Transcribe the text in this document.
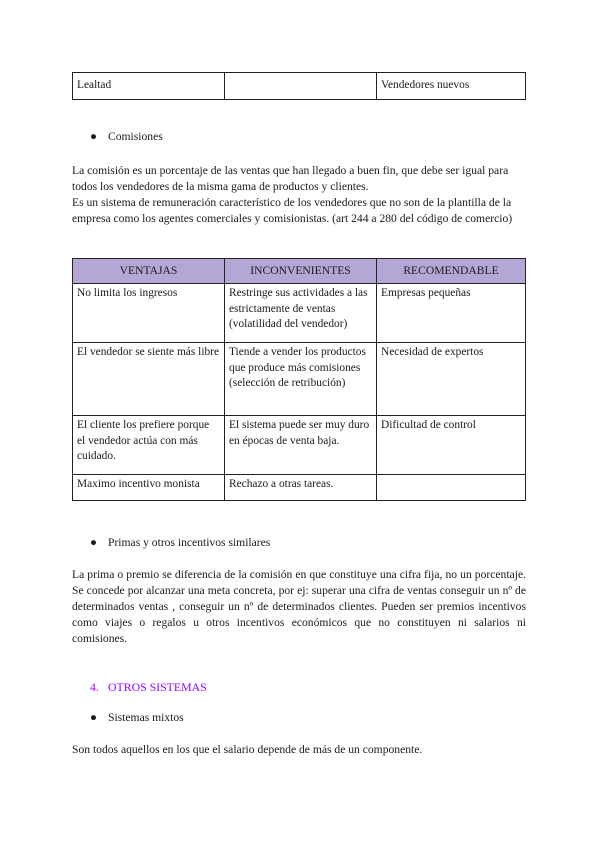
Lealtad		Vendedores nuevos
● Comisiones

La comisión es un porcentaje de las ventas que han llegado a buen fin, que debe ser igual para todos los vendedores de la misma gama de productos y clientes.

Es un sistema de remuneración característico de los vendedores que no son de la plantilla de la empresa como los agentes comerciales y comisionistas. (art 244 a 280 del código de comercio)

VENTAJAS	INCONVENIENTES	RECOMENDABLE
No limita los ingresos	Restringe sus actividades a las estrictamente de ventas (volatilidad del vendedor)	Empresas pequeñas
El vendedor se siente más libre	Tiende a vender los productos que produce más comisiones (selección de retribución)	Necesidad de expertos
El cliente los prefiere porque el vendedor actúa con más cuidado.	El sistema puede ser muy duro en épocas de venta baja.	Dificultad de control
Maximo incentivo monista	Rechazo a otras tareas.	
● Primas y otros incentivos similares

La prima o premio se diferencia de la comisión en que constituye una cifra fija, no un porcentaje. Se concede por alcanzar una meta concreta, por ej: superar una cifra de ventas conseguir un nº de determinados ventas , conseguir un nº de determinados clientes. Pueden ser premios incentivos como viajes o regalos u otros incentivos económicos que no constituyen ni salarios ni comisiones.

4. OTROS SISTEMAS
● Sistemas mixtos

Son todos aquellos en los que el salario depende de más de un componente.
